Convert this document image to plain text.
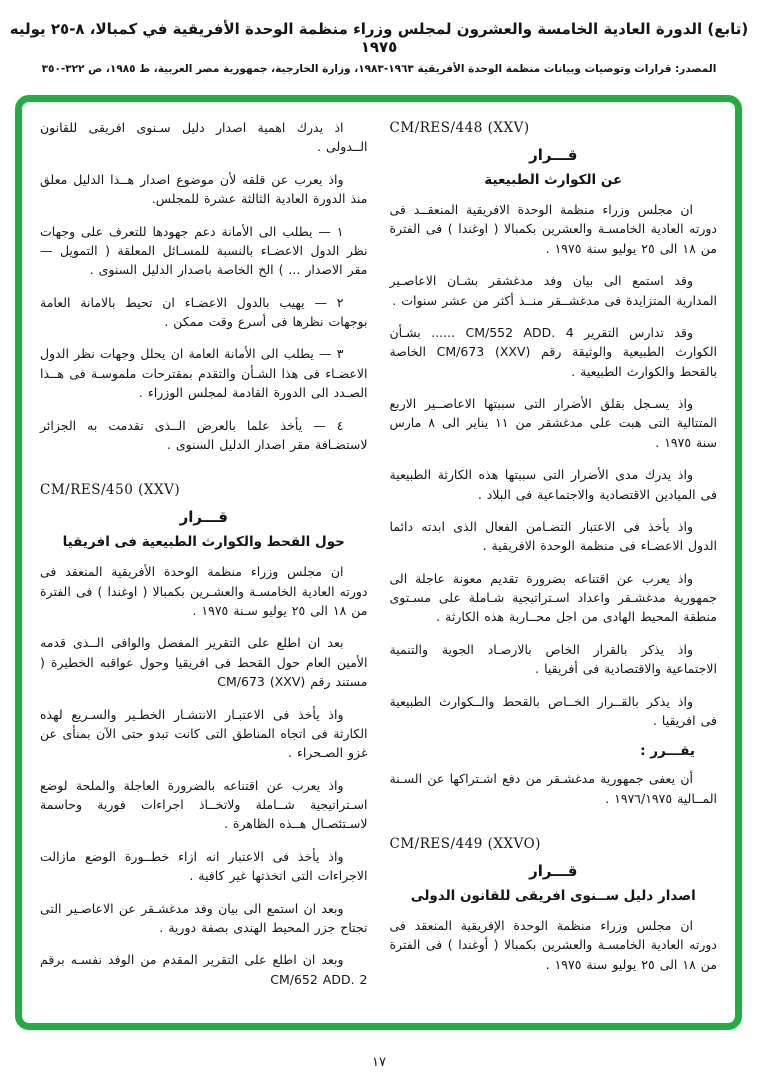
(تابع) الدورة العادية الخامسة والعشرون لمجلس وزراء منظمة الوحدة الأفريقية في كمبالا، ٨-٢٥ يوليه ١٩٧٥
المصدر: قرارات وتوصيات وبيانات منظمة الوحدة الأفريقية ١٩٦٣-١٩٨٣، وزارة الخارجية، جمهورية مصر العربية، ط ١٩٨٥، ص ٣٢٢-٣٥٠
CM/RES/448 (XXV)
قـــرار
عن الكوارث الطبيعية

ان مجلس وزراء منظمة الوحدة الافريقية المنعقــد فى دورته العادية الخامسـة والعشرين بكمبالا ( اوغندا ) فى الفترة من ١٨ الى ٢٥ يوليو سنة ١٩٧٥ .

وقد استمع الى بيان وفد مدغشقر بشـان الاعاصـير المدارية المتزايدة فى مدغشــقر منــذ أكثر من عشر سنوات .

وقد تدارس التقرير CM/552 ADD. 4 ...... بشـأن الكوارث الطبيعية والوثيقة رقم CM/673 (XXV) الخاصة بالقحط والكوارث الطبيعية .

واذ يسـجل بقلق الأضرار التى سببتها الاعاصــير الاربع المتتالية التى هبت على مدغشقر من ١١ يناير الى ٨ مارس سنة ١٩٧٥ .

واذ يدرك مدى الأضرار التى سببتها هذه الكارثة الطبيعية فى الميادين الاقتصادية والاجتماعية فى البلاد .

واذ يأخذ فى الاعتبار التضـامن الفعال الذى ابدته دائما الدول الاعضـاء فى منظمة الوحدة الافريقية .

واذ يعرب عن اقتناعه بضرورة تقديم معونة عاجلة الى جمهورية مدغشـقر واعداد اسـتراتيجية شـاملة على مسـتوى منطقة المحيط الهادى من اجل محــاربة هذه الكارثة .

واذ يذكر بالقرار الخاص بالارصـاد الجوية والتنمية الاجتماعية والاقتصادية فى أفريقيا .

واذ يذكر بالقــرار الخــاص بالقحط والــكوارث الطبيعية فى افريقيا .

يقـــرر :

أن يعفى جمهورية مدغشـقر من دفع اشـتراكها عن السـنة المــالية ١٩٧٦/١٩٧٥ .

CM/RES/449 (XXVO)
قـــرار
اصدار دليل ســنوى افريقى للقانون الدولى

ان مجلس وزراء منظمة الوحدة الإفريقية المنعقد فى دورته العادية الخامسـة والعشرين بكمبالا ( أوغندا ) فى الفترة من ١٨ الى ٢٥ يوليو سنة ١٩٧٥ .

اذ يدرك اهمية اصدار دليل سـنوى افريقى للقانون الــدولى .

واذ يعرب عن قلقه لأن موضوع اصدار هــذا الدليل معلق منذ الدورة العادية الثالثة عشرة للمجلس.

١ — يطلب الى الأمانة دعم جهودها للتعرف على وجهات نظر الدول الاعضـاء بالنسبة للمسـائل المعلقة ( التمويل — مقر الاصدار ... ) الخ الخاصة باصدار الدليل السنوى .

٢ — يهيب بالدول الاعضـاء ان تحيط بالامانة العامة بوجهات نظرها فى أسرع وقت ممكن .

٣ — يطلب الى الأمانة العامة ان يحلل وجهات نظر الدول الاعضـاء فى هذا الشـأن والتقدم بمقترحات ملموسـة فى هــذا الصـدد الى الدورة القادمة لمجلس الوزراء .

٤ — يأخذ علما بالعرض الــذى تقدمت به الجزائر لاستضـافة مقر اصدار الدليل السنوى .

CM/RES/450 (XXV)
قـــرار
حول القحط والكوارث الطبيعية فى افريقيا

ان مجلس وزراء منظمة الوحدة الأفريقية المنعقد فى دورته العادية الخامسـة والعشـرين بكمبالا ( اوغندا ) فى الفترة من ١٨ الى ٢٥ يوليو سـنة ١٩٧٥ .

بعد ان اطلع على التقرير المفصل والوافى الــذى قدمه الأمين العام حول القحط فى افريقيا وحول عواقبه الخطيرة ( مستند رقم CM/673 (XXV)

واذ يأخذ فى الاعتبـار الانتشـار الخطـير والسـريع لهذه الكارثة فى اتجاه المناطق التى كانت تبدو حتى الآن بمنأى عن غزو الصـحراء .

واذ يعرب عن اقتناعه بالضرورة العاجلة والملحة لوضع اسـتراتيجية شــاملة ولاتخــاذ اجراءات فورية وحاسمة لاسـتئصـال هــذه الظاهرة .

واذ يأخذ فى الاعتبار انه ازاء خطــورة الوضع مازالت الاجراءات التى اتخذتها غير كافية .

وبعد ان استمع الى بيان وفد مدغشـقر عن الاعاصـير التى تجتاح جزر المحيط الهندى بصفة دورية .

وبعد ان اطلع على التقرير المقدم من الوفد نفسـه برقم CM/652 ADD. 2

١٧
